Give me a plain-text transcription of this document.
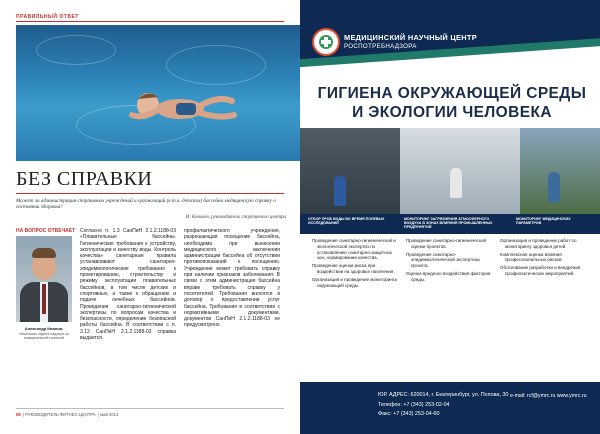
ПРАВИЛЬНЫЙ ОТВЕТ
БЕЗ СПРАВКИ
Может ли администрация спортивных учреждений и организаций (в т.ч. детских) бассейна медицинскую справку о состоянии здоровья?
И. Ковалёв, руководитель спортивного центра
НА ВОПРОС ОТВЕЧАЕТ
Александр Иванов,
начальник отдела надзора за коммунальной гигиеной
Согласно п. 1.3 СанПиН 2.1.2.1188-03 «Плавательные бассейны. Гигиенические требования к устройству, эксплуатации и качеству воды. Контроль качества» санитарные правила устанавливают санитарно-эпидемиологические требования к проектированию, строительству и режиму эксплуатации плавательных бассейнов, в том числе детских и спортивных, а также к обращению и подаче лечебных бассейнов. Проведения санитарно-гигиенической экспертизы по вопросам качества и безопасности, определение безопасной работы бассейна. В соответствии с п. 3.12 СанПиН 2.1.2.1188-03 справка выдается.
профилактического учреждения, разрешающая посещение бассейна, необходима при вынесении медицинского заключения администрации бассейна об отсутствии противопоказаний к посещению. Учреждение может требовать справку при наличии признаков заболевания. В связи с этим администрация бассейна вправе требовать справку у посетителей. Требования вносятся в договор о предоставлении услуг бассейна. Требования в соответствии с нормативными документами, документов СанПиН 2.1.2.1188-03 не предусмотрено.
58  | РУКОВОДИТЕЛЬ ФИТНЕС-ЦЕНТРА  | май 2013
МЕДИЦИНСКИЙ НАУЧНЫЙ ЦЕНТР
РОСПОТРЕБНАДЗОРА
ГИГИЕНА ОКРУЖАЮЩЕЙ СРЕДЫ И ЭКОЛОГИИ ЧЕЛОВЕКА
ОТБОР ПРОБ ВОДЫ ВО ВРЕМЯ ПОЛЕВЫХ ИССЛЕДОВАНИЙ
МОНИТОРИНГ ЗАГРЯЗНЕНИЯ АТМОСФЕРНОГО ВОЗДУХА В ЗОНАХ ВЛИЯНИЯ ПРОМЫШЛЕННЫХ ПРЕДПРИЯТИЙ
МОНИТОРИНГ МЕДИЦИНСКИХ ПАРАМЕТРОВ

Проведение санитарно-гигиенической и экологической экспертиз по установлению санитарно-защитных зон, нормирование качества.

Проведение оценки риска при воздействии на здоровье населения.

Организация и проведение мониторинга окружающей среды.

Проведение санитарно-гигиенической оценки проектов.

Проведение санитарно-эпидемиологической экспертизы проекта.

Оценка вредного воздействия факторов среды.

Организация и проведение работ по мониторингу здоровья детей.

Комплексная оценка влияния профессиональных рисков.

Обоснование разработки и внедрения профилактических мероприятий.

ЮР. АДРЕС: 620014, г. Екатеринбург, ул. Попова, 30
Телефон: +7 (343) 253-02-04
Факс: +7 (343) 253-04-60
e-mail: rcf@ymrc.ru www.ymrc.ru
